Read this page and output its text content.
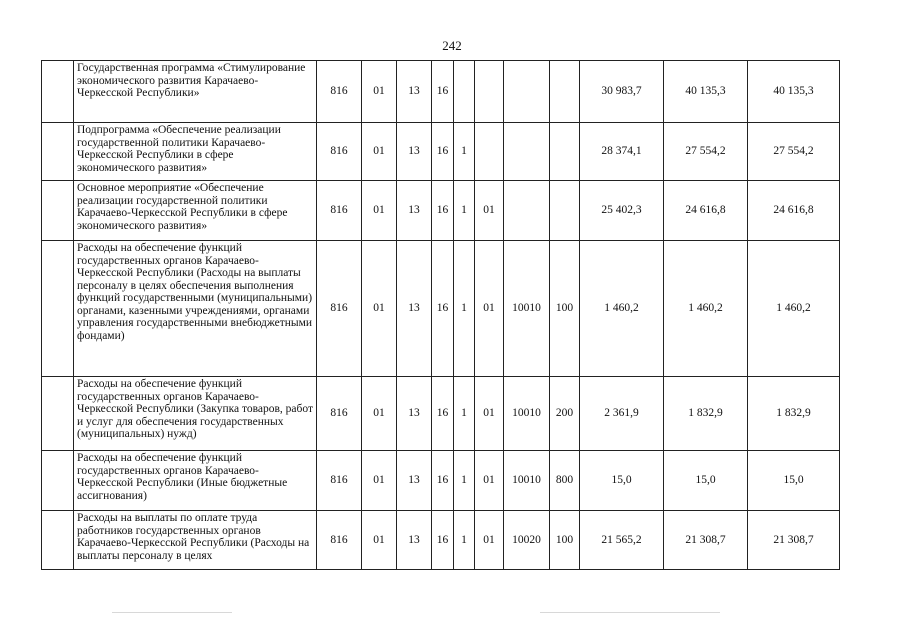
242
	Государственная программа «Стимулирование экономического развития Карачаево-Черкесской Республики»	816	01	13	16					30 983,7	40 135,3	40 135,3
	Подпрограмма «Обеспечение реализации государственной политики Карачаево-Черкесской Республики в сфере экономического развития»	816	01	13	16	1				28 374,1	27 554,2	27 554,2
	Основное мероприятие «Обеспечение реализации государственной политики Карачаево-Черкесской Республики в сфере экономического развития»	816	01	13	16	1	01			25 402,3	24 616,8	24 616,8
	Расходы на обеспечение функций государственных органов Карачаево-Черкесской Республики (Расходы на выплаты персоналу в целях обеспечения выполнения функций государственными (муниципальными) органами, казенными учреждениями, органами управления государственными внебюджетными фондами)	816	01	13	16	1	01	10010	100	1 460,2	1 460,2	1 460,2
	Расходы на обеспечение функций государственных органов Карачаево-Черкесской Республики (Закупка товаров, работ и услуг для обеспечения государственных (муниципальных) нужд)	816	01	13	16	1	01	10010	200	2 361,9	1 832,9	1 832,9
	Расходы на обеспечение функций государственных органов Карачаево-Черкесской Республики (Иные бюджетные ассигнования)	816	01	13	16	1	01	10010	800	15,0	15,0	15,0
	Расходы на выплаты по оплате труда работников государственных органов Карачаево-Черкесской Республики (Расходы на выплаты персоналу в целях	816	01	13	16	1	01	10020	100	21 565,2	21 308,7	21 308,7
